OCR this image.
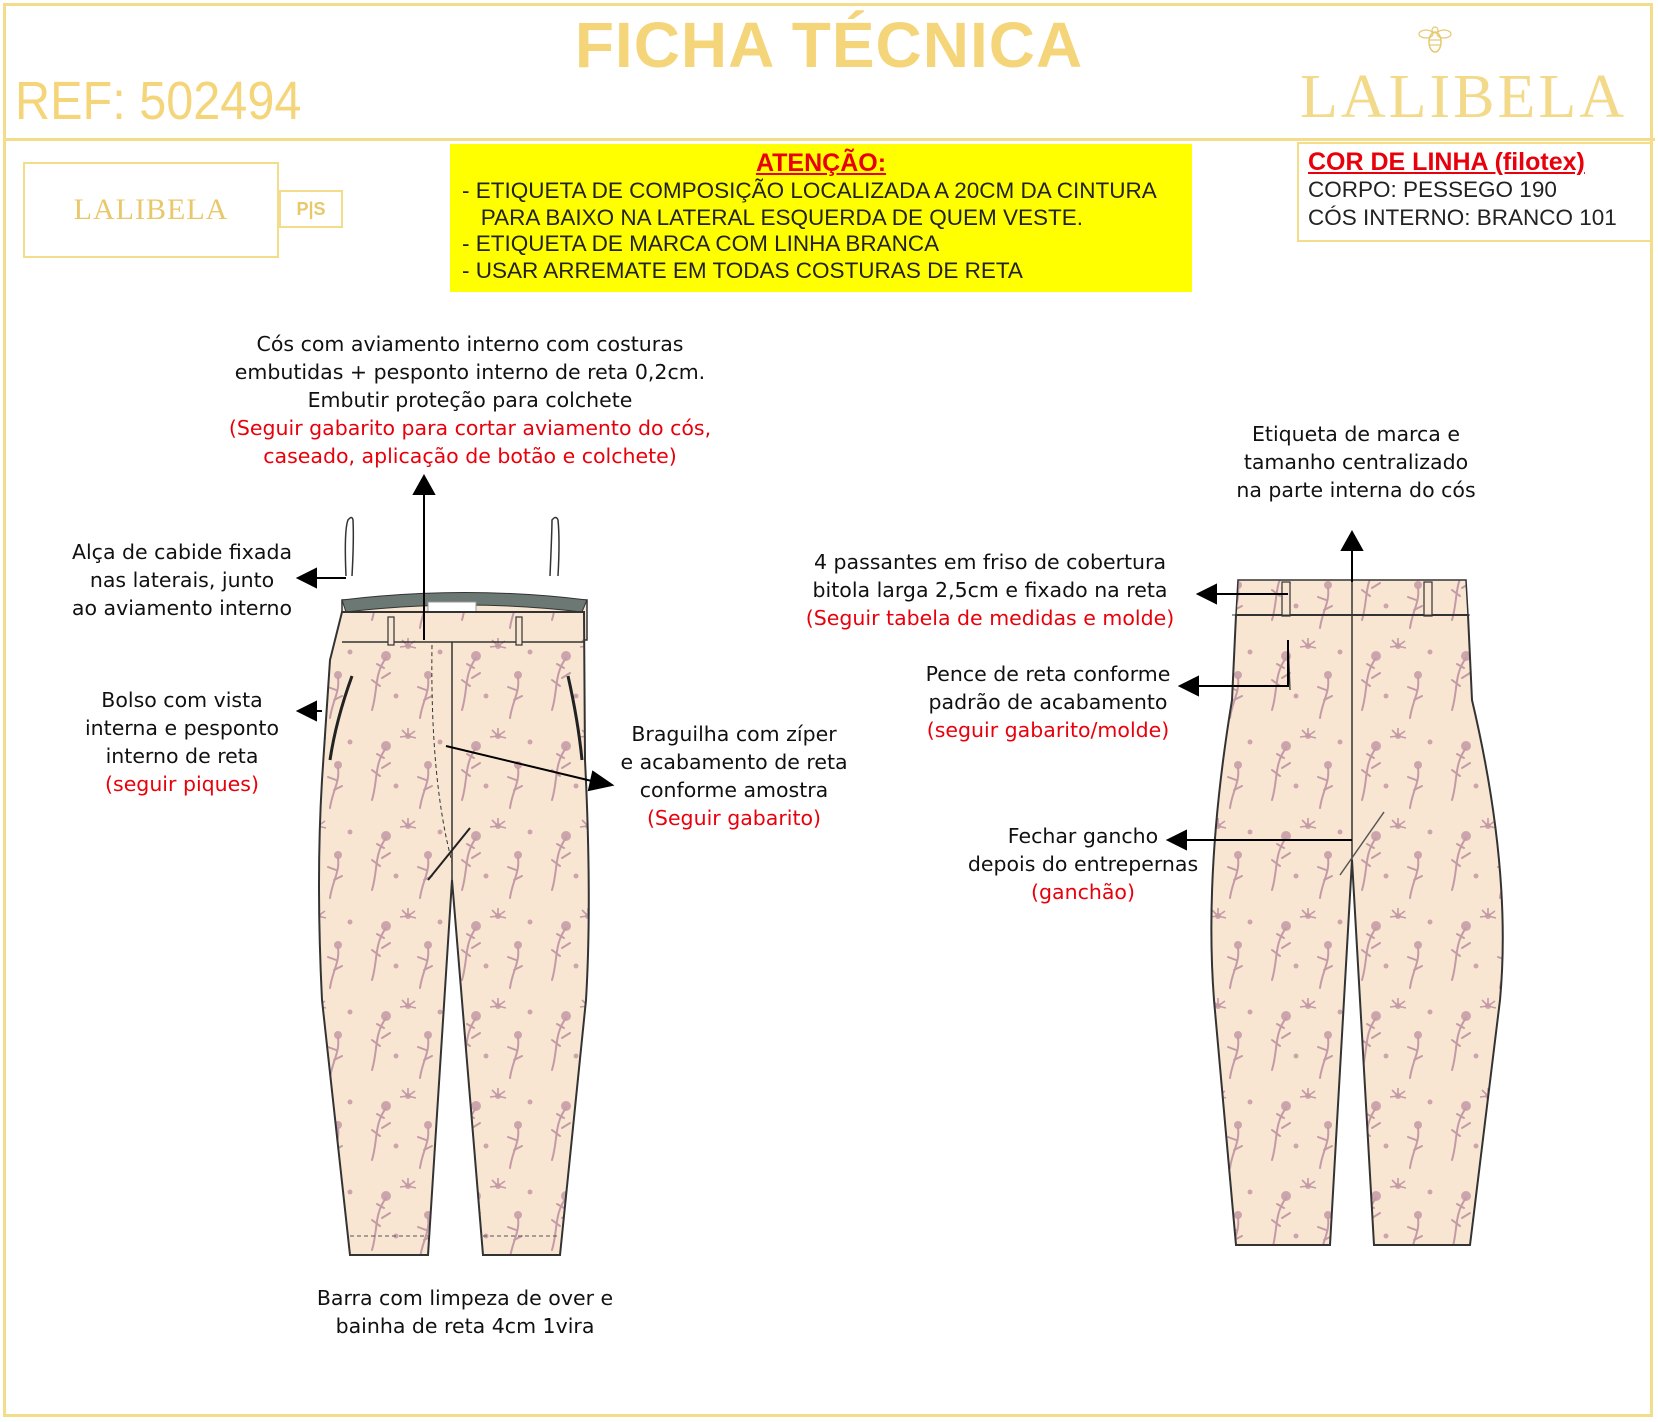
FICHA TÉCNICA
REF: 502494	LALIBELA
LALIBELA	P|S
ATENÇÃO:
- ETIQUETA DE COMPOSIÇÃO LOCALIZADA A 20CM DA CINTURA
PARA BAIXO NA LATERAL ESQUERDA DE QUEM VESTE.
- ETIQUETA DE MARCA COM LINHA BRANCA
- USAR ARREMATE EM TODAS COSTURAS DE RETA
COR DE LINHA (filotex)
CORPO: PESSEGO 190
CÓS INTERNO: BRANCO 101
Cós com aviamento interno com costuras
embutidas + pesponto interno de reta 0,2cm.
Embutir proteção para colchete
(Seguir gabarito para cortar aviamento do cós,
caseado, aplicação de botão e colchete)
Alça de cabide fixada
nas laterais, junto
ao aviamento interno
Bolso com vista
interna e pesponto
interno de reta
(seguir piques)
Braguilha com zíper
e acabamento de reta
conforme amostra
(Seguir gabarito)
Barra com limpeza de over e
bainha de reta 4cm 1vira
Etiqueta de marca e
tamanho centralizado
na parte interna do cós
4 passantes em friso de cobertura
bitola larga 2,5cm e fixado na reta
(Seguir tabela de medidas e molde)
Pence de reta conforme
padrão de acabamento
(seguir gabarito/molde)
Fechar gancho
depois do entrepernas
(ganchão)
